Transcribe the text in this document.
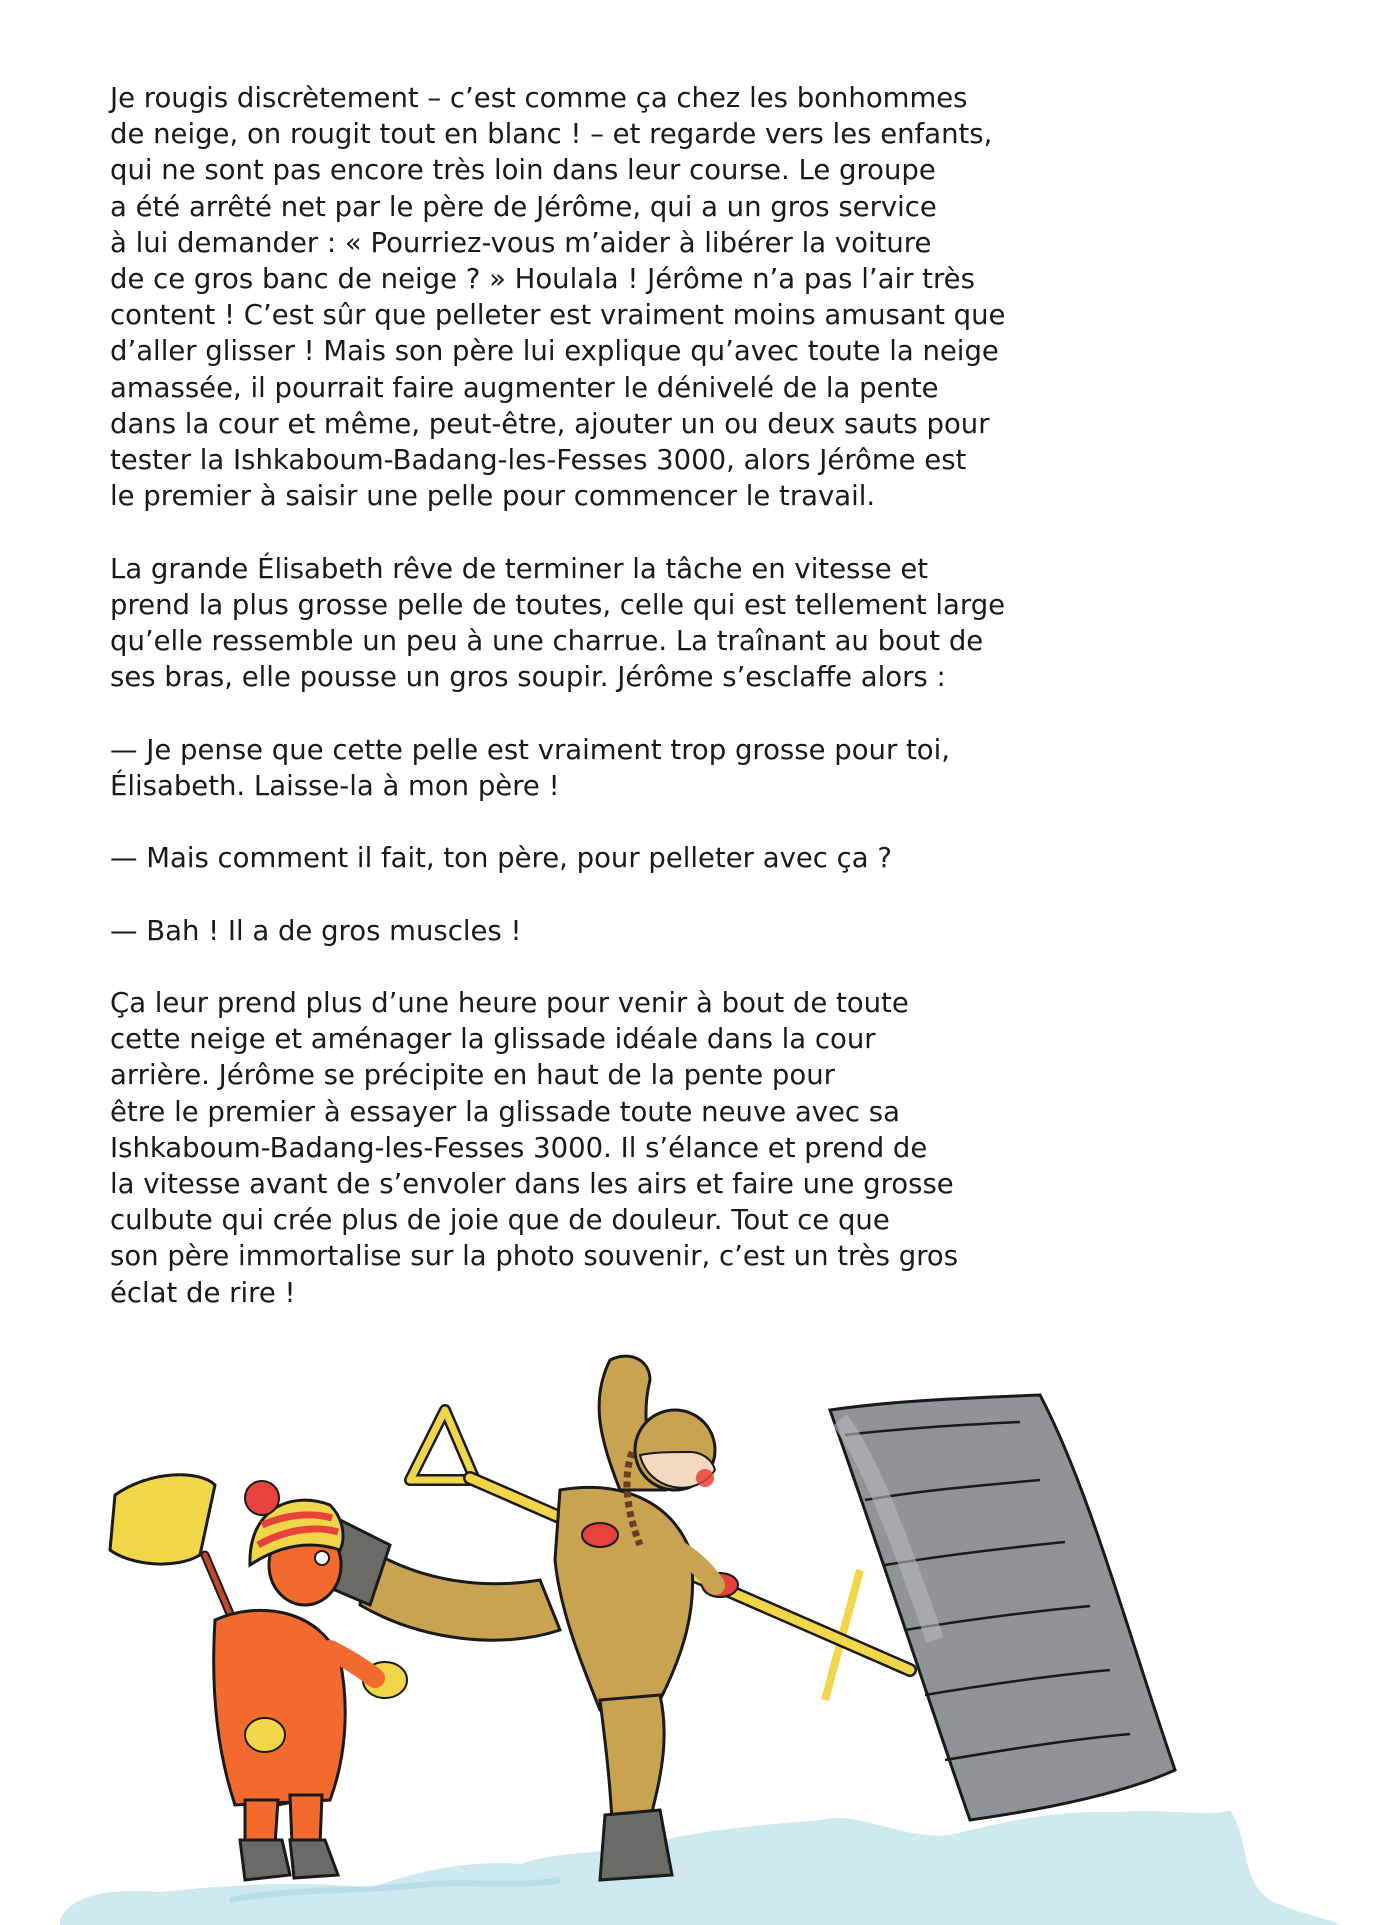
Je rougis discrètement – c’est comme ça chez les bonhommes
de neige, on rougit tout en blanc ! – et regarde vers les enfants,
qui ne sont pas encore très loin dans leur course. Le groupe
a été arrêté net par le père de Jérôme, qui a un gros service
à lui demander : « Pourriez-vous m’aider à libérer la voiture
de ce gros banc de neige ? » Houlala ! Jérôme n’a pas l’air très
content ! C’est sûr que pelleter est vraiment moins amusant que
d’aller glisser ! Mais son père lui explique qu’avec toute la neige
amassée, il pourrait faire augmenter le dénivelé de la pente
dans la cour et même, peut-être, ajouter un ou deux sauts pour
tester la Ishkaboum-Badang-les-Fesses 3000, alors Jérôme est
le premier à saisir une pelle pour commencer le travail.
La grande Élisabeth rêve de terminer la tâche en vitesse et
prend la plus grosse pelle de toutes, celle qui est tellement large
qu’elle ressemble un peu à une charrue. La traînant au bout de
ses bras, elle pousse un gros soupir. Jérôme s’esclaffe alors :
— Je pense que cette pelle est vraiment trop grosse pour toi,
Élisabeth. Laisse-la à mon père !
— Mais comment il fait, ton père, pour pelleter avec ça ?
— Bah ! Il a de gros muscles !
Ça leur prend plus d’une heure pour venir à bout de toute
cette neige et aménager la glissade idéale dans la cour
arrière. Jérôme se précipite en haut de la pente pour
être le premier à essayer la glissade toute neuve avec sa
Ishkaboum-Badang-les-Fesses 3000. Il s’élance et prend de
la vitesse avant de s’envoler dans les airs et faire une grosse
culbute qui crée plus de joie que de douleur. Tout ce que
son père immortalise sur la photo souvenir, c’est un très gros
éclat de rire !
